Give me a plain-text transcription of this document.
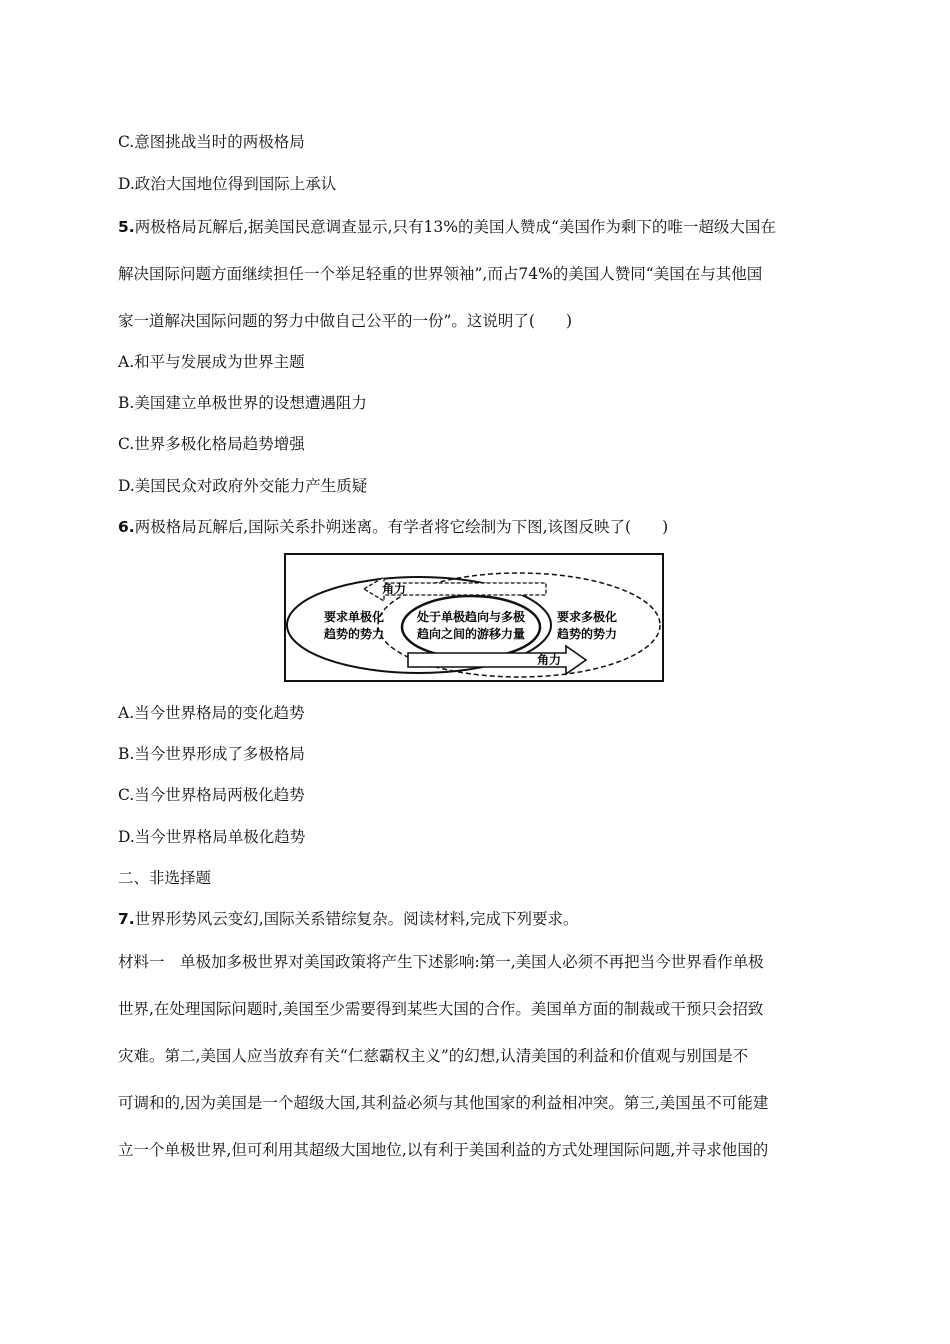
C.意图挑战当时的两极格局
D.政治大国地位得到国际上承认
5.两极格局瓦解后,据美国民意调查显示,只有13%的美国人赞成“美国作为剩下的唯一超级大国在
解决国际问题方面继续担任一个举足轻重的世界领袖”,而占74%的美国人赞同“美国在与其他国
家一道解决国际问题的努力中做自己公平的一份”。这说明了(　　)
A.和平与发展成为世界主题
B.美国建立单极世界的设想遭遇阻力
C.世界多极化格局趋势增强
D.美国民众对政府外交能力产生质疑
6.两极格局瓦解后,国际关系扑朔迷离。有学者将它绘制为下图,该图反映了(　　)
角力
角力
要求单极化
趋势的势力
处于单极趋向与多极
趋向之间的游移力量
要求多极化
趋势的势力
A.当今世界格局的变化趋势
B.当今世界形成了多极格局
C.当今世界格局两极化趋势
D.当今世界格局单极化趋势
二、非选择题
7.世界形势风云变幻,国际关系错综复杂。阅读材料,完成下列要求。
材料一　单极加多极世界对美国政策将产生下述影响:第一,美国人必须不再把当今世界看作单极
世界,在处理国际问题时,美国至少需要得到某些大国的合作。美国单方面的制裁或干预只会招致
灾难。第二,美国人应当放弃有关“仁慈霸权主义”的幻想,认清美国的利益和价值观与别国是不
可调和的,因为美国是一个超级大国,其利益必须与其他国家的利益相冲突。第三,美国虽不可能建
立一个单极世界,但可利用其超级大国地位,以有利于美国利益的方式处理国际问题,并寻求他国的
